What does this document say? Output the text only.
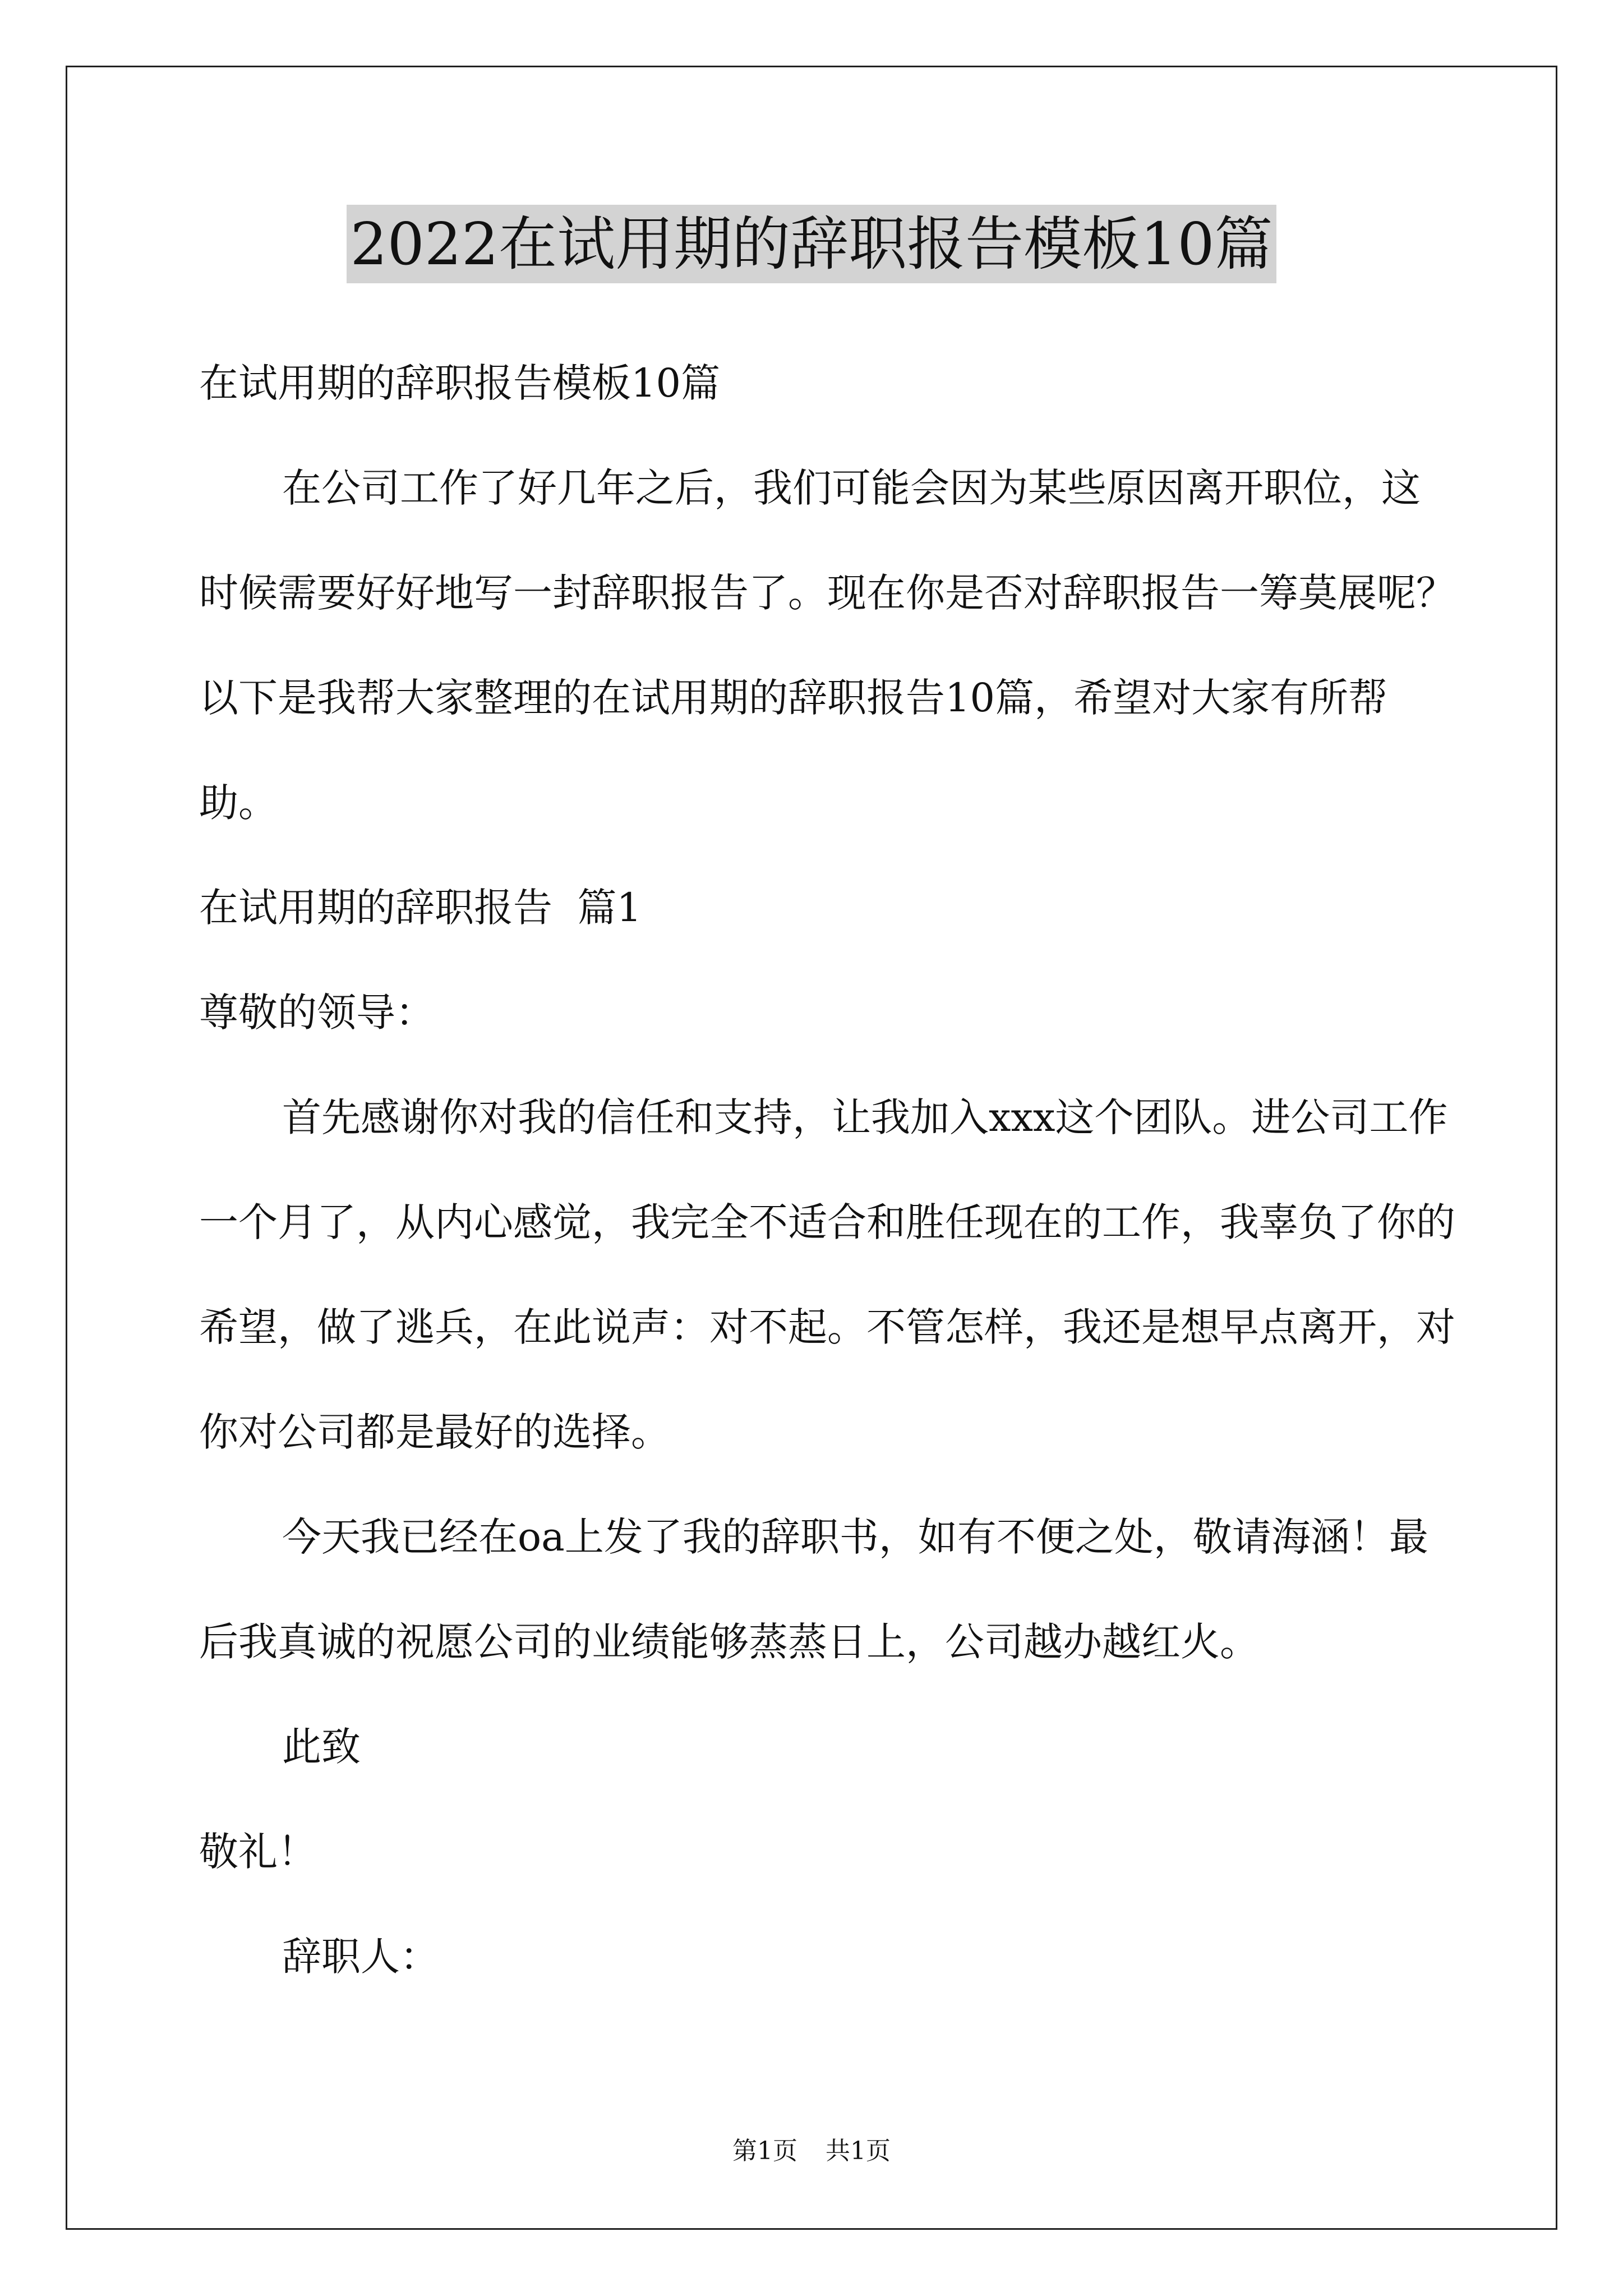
2022在试用期的辞职报告模板10篇

在试用期的辞职报告模板10篇

在公司工作了好几年之后，我们可能会因为某些原因离开职位，这时候需要好好地写一封辞职报告了。现在你是否对辞职报告一筹莫展呢？以下是我帮大家整理的在试用期的辞职报告10篇，希望对大家有所帮助。

在试用期的辞职报告  篇1

尊敬的领导：

首先感谢你对我的信任和支持，让我加入xxx这个团队。进公司工作一个月了，从内心感觉，我完全不适合和胜任现在的工作，我辜负了你的希望，做了逃兵，在此说声：对不起。不管怎样，我还是想早点离开，对你对公司都是最好的选择。

今天我已经在oa上发了我的辞职书，如有不便之处，敬请海涵！最后我真诚的祝愿公司的业绩能够蒸蒸日上，公司越办越红火。

此致

敬礼！

辞职人：

第1页 共1页
